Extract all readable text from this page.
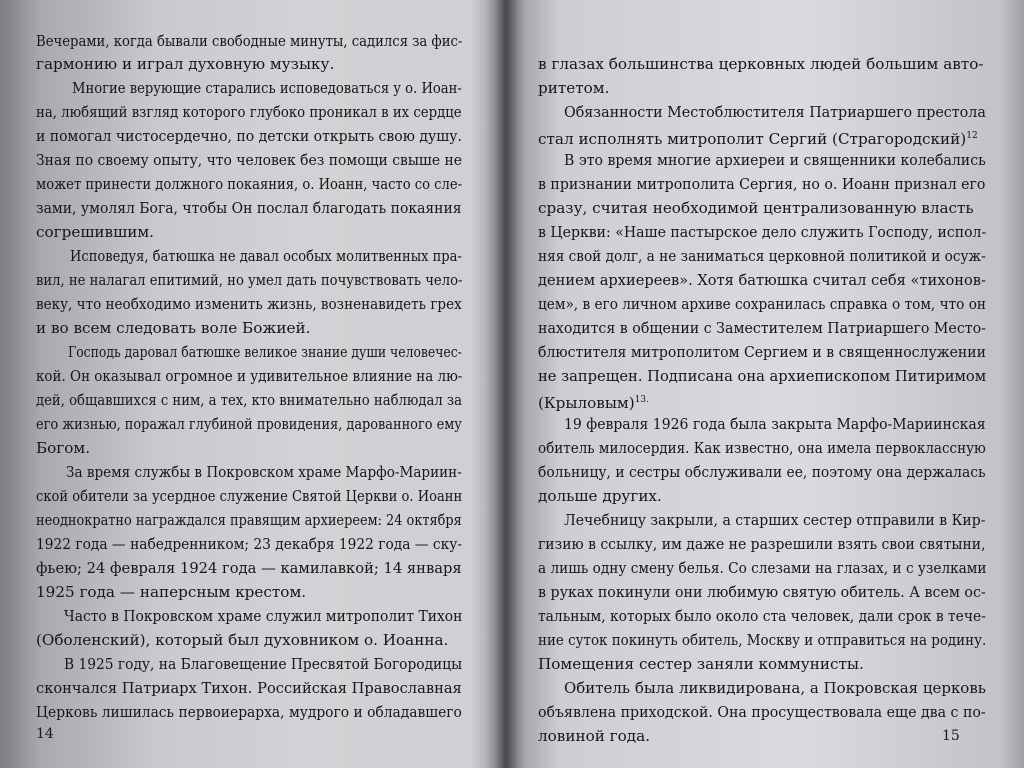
Вечерами, когда бывали свободные минуты, садился за фис-
гармонию и играл духовную музыку.
Многие верующие старались исповедоваться у о. Иоан-
на, любящий взгляд которого глубоко проникал в их сердце
и помогал чистосердечно, по детски открыть свою душу.
Зная по своему опыту, что человек без помощи свыше не
может принести должного покаяния, о. Иоанн, часто со сле-
зами, умолял Бога, чтобы Он послал благодать покаяния
согрешившим.
Исповедуя, батюшка не давал особых молитвенных пра-
вил, не налагал епитимий, но умел дать почувствовать чело-
веку, что необходимо изменить жизнь, возненавидеть грех
и во всем следовать воле Божией.
Господь даровал батюшке великое знание души человечес-
кой. Он оказывал огромное и удивительное влияние на лю-
дей, общавшихся с ним, а тех, кто внимательно наблюдал за
его жизнью, поражал глубиной провидения, дарованного ему
Богом.
За время службы в Покровском храме Марфо-Мариин-
ской обители за усердное служение Святой Церкви о. Иоанн
неоднократно награждался правящим архиереем: 24 октября
1922 года — набедренником; 23 декабря 1922 года — ску-
фьею; 24 февраля 1924 года — камилавкой; 14 января
1925 года — наперсным крестом.
Часто в Покровском храме служил митрополит Тихон
(Оболенский), который был духовником о. Иоанна.
В 1925 году, на Благовещение Пресвятой Богородицы
скончался Патриарх Тихон. Российская Православная
Церковь лишилась первоиерарха, мудрого и обладавшего
14
в глазах большинства церковных людей большим авто-
ритетом.
Обязанности Местоблюстителя Патриаршего престола
стал исполнять митрополит Сергий (Страгородский)$^{12}$
В это время многие архиереи и священники колебались
в признании митрополита Сергия, но о. Иоанн признал его
сразу, считая необходимой централизованную власть
в Церкви: «Наше пастырское дело служить Господу, испол-
няя свой долг, а не заниматься церковной политикой и осуж-
дением архиереев». Хотя батюшка считал себя «тихонов-
цем», в его личном архиве сохранилась справка о том, что он
находится в общении с Заместителем Патриаршего Место-
блюстителя митрополитом Сергием и в священнослужении
не запрещен. Подписана она архиепископом Питиримом
(Крыловым)$^{13.}$
19 февраля 1926 года была закрыта Марфо-Мариинская
обитель милосердия. Как известно, она имела первоклассную
больницу, и сестры обслуживали ее, поэтому она держалась
дольше других.
Лечебницу закрыли, а старших сестер отправили в Кир-
гизию в ссылку, им даже не разрешили взять свои святыни,
а лишь одну смену белья. Со слезами на глазах, и с узелками
в руках покинули они любимую святую обитель. А всем ос-
тальным, которых было около ста человек, дали срок в тече-
ние суток покинуть обитель, Москву и отправиться на родину.
Помещения сестер заняли коммунисты.
Обитель была ликвидирована, а Покровская церковь
объявлена приходской. Она просуществовала еще два с по-
ловиной года.	15
